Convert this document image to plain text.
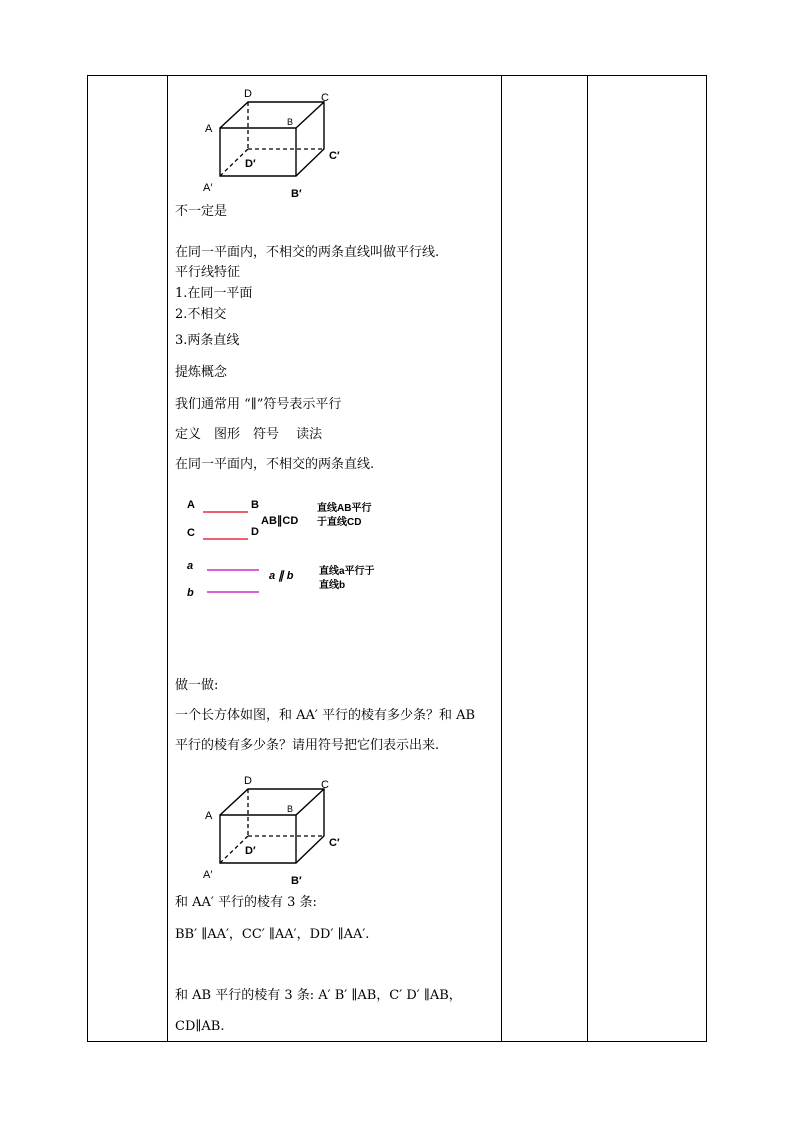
D	C
A
B
D′
C′
A′	B′
不一定是
在同一平面内，不相交的两条直线叫做平行线.
平行线特征
1.在同一平面
2.不相交
3.两条直线
提炼概念
我们通常用 “∥”符号表示平行
定义　图形　符号　 读法
在同一平面内，不相交的两条直线.
A	B
C	D
AB∥CD
a
b
a ∥ b
直线AB平行
于直线CD
直线a平行于
直线b
做一做:
一个长方体如图，和 AA′ 平行的棱有多少条？和 AB
平行的棱有多少条？请用符号把它们表示出来.
D	C
A
B
D′
C′
A′	B′
和 AA′ 平行的棱有 3 条:
BB′ ∥AA′，CC′ ∥AA′，DD′ ∥AA′.
和 AB 平行的棱有 3 条: A′ B′ ∥AB，C′ D′ ∥AB，
CD∥AB.
